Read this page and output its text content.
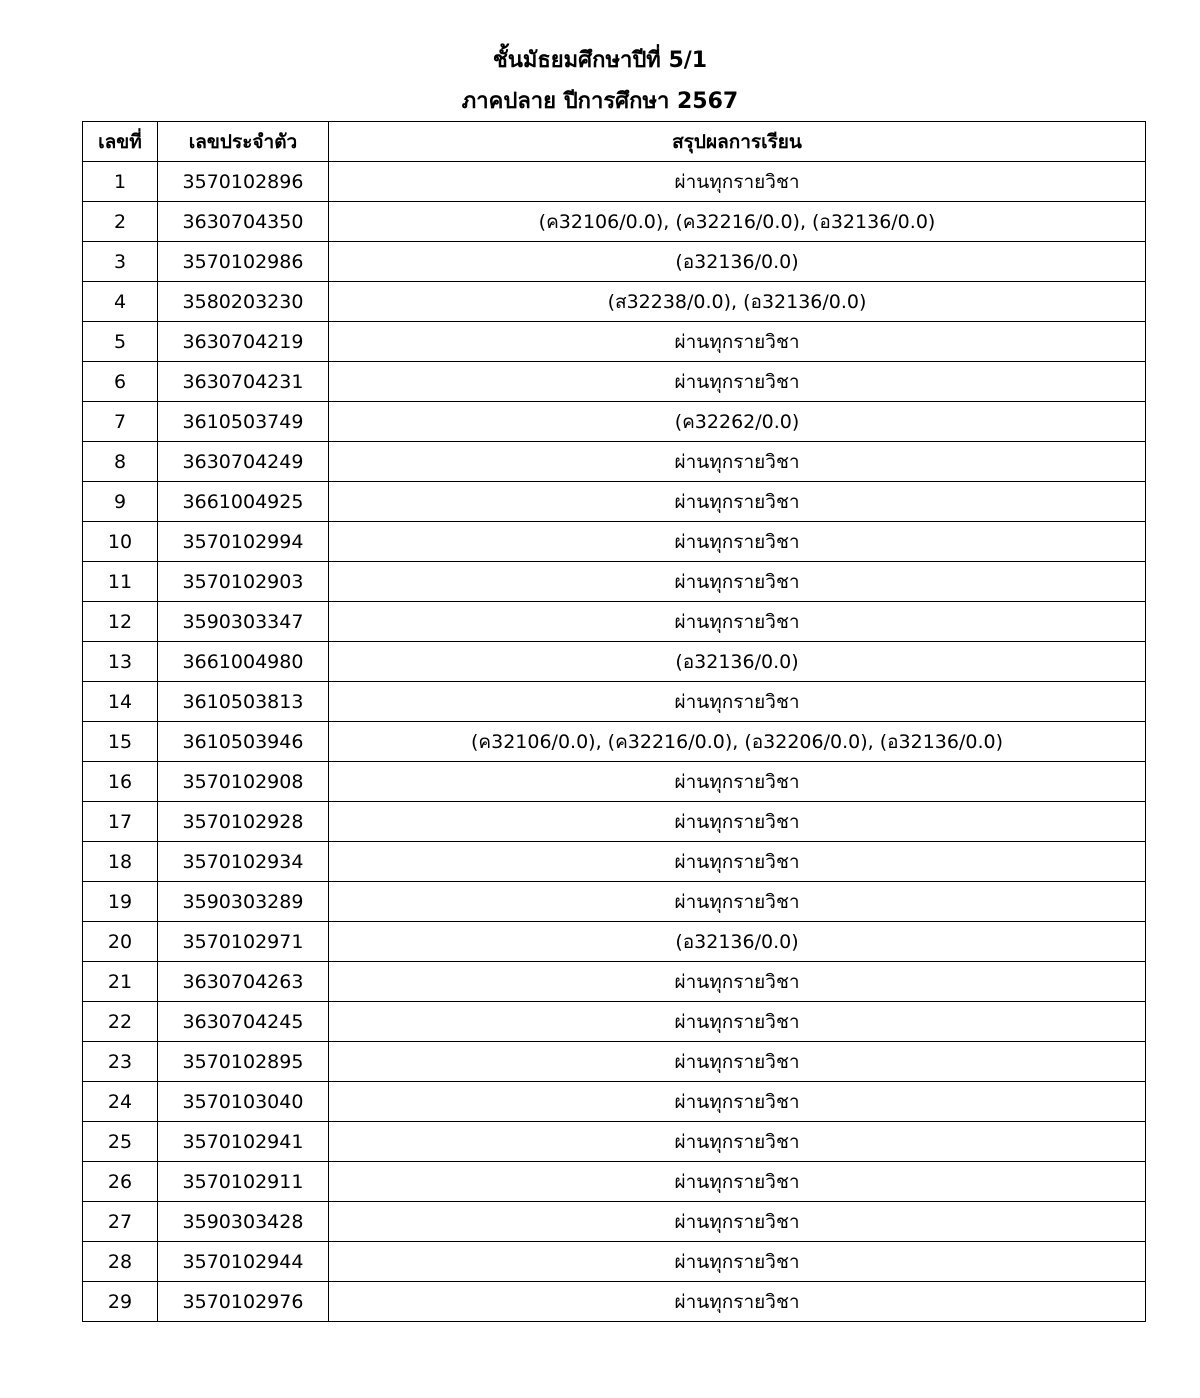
ชั้นมัธยมศึกษาปีที่ 5/1
ภาคปลาย ปีการศึกษา 2567
เลขที่	เลขประจำตัว	สรุปผลการเรียน
1	3570102896	ผ่านทุกรายวิชา
2	3630704350	(ค32106/0.0), (ค32216/0.0), (อ32136/0.0)
3	3570102986	(อ32136/0.0)
4	3580203230	(ส32238/0.0), (อ32136/0.0)
5	3630704219	ผ่านทุกรายวิชา
6	3630704231	ผ่านทุกรายวิชา
7	3610503749	(ค32262/0.0)
8	3630704249	ผ่านทุกรายวิชา
9	3661004925	ผ่านทุกรายวิชา
10	3570102994	ผ่านทุกรายวิชา
11	3570102903	ผ่านทุกรายวิชา
12	3590303347	ผ่านทุกรายวิชา
13	3661004980	(อ32136/0.0)
14	3610503813	ผ่านทุกรายวิชา
15	3610503946	(ค32106/0.0), (ค32216/0.0), (อ32206/0.0), (อ32136/0.0)
16	3570102908	ผ่านทุกรายวิชา
17	3570102928	ผ่านทุกรายวิชา
18	3570102934	ผ่านทุกรายวิชา
19	3590303289	ผ่านทุกรายวิชา
20	3570102971	(อ32136/0.0)
21	3630704263	ผ่านทุกรายวิชา
22	3630704245	ผ่านทุกรายวิชา
23	3570102895	ผ่านทุกรายวิชา
24	3570103040	ผ่านทุกรายวิชา
25	3570102941	ผ่านทุกรายวิชา
26	3570102911	ผ่านทุกรายวิชา
27	3590303428	ผ่านทุกรายวิชา
28	3570102944	ผ่านทุกรายวิชา
29	3570102976	ผ่านทุกรายวิชา
